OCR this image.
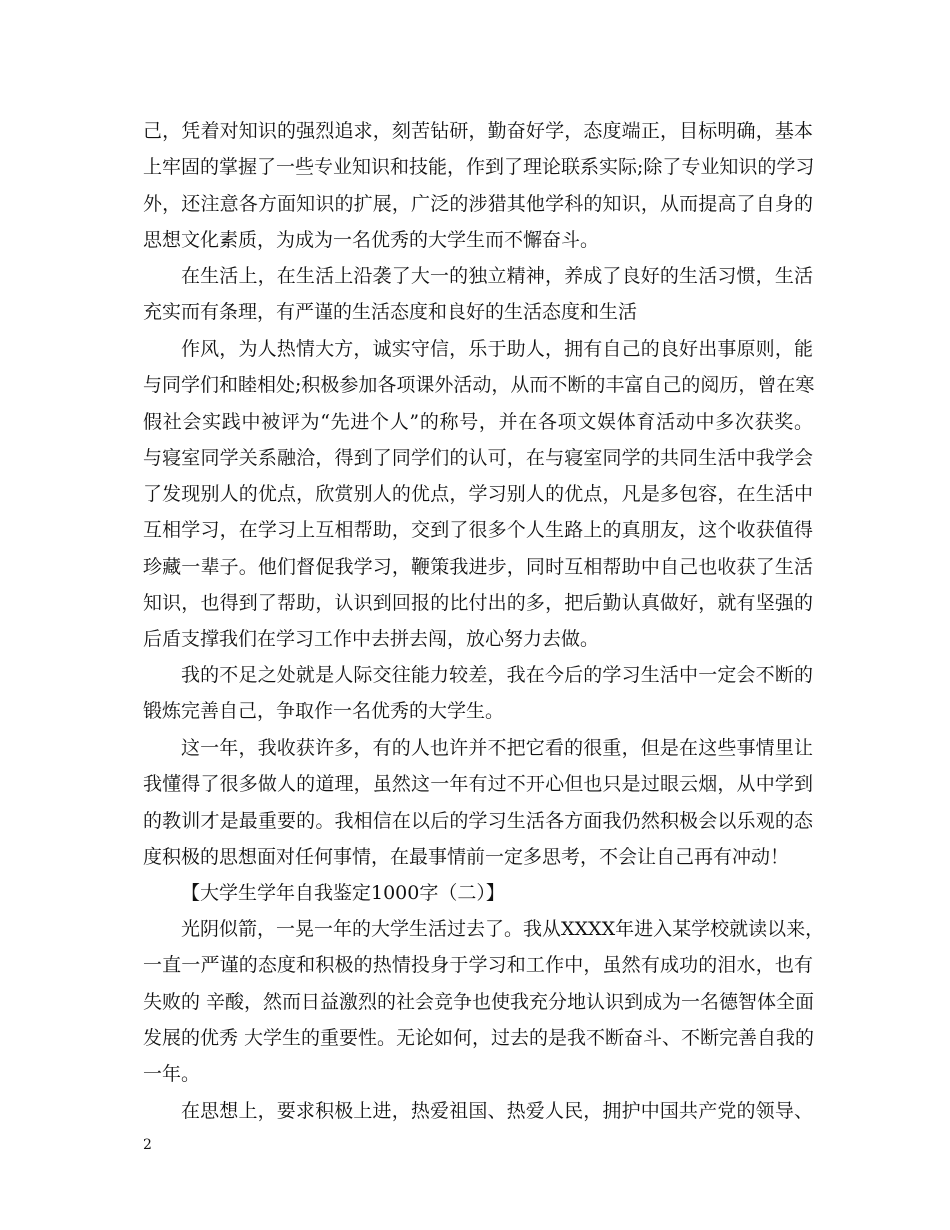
己，凭着对知识的强烈追求，刻苦钻研，勤奋好学，态度端正，目标明确，基本
上牢固的掌握了一些专业知识和技能，作到了理论联系实际;除了专业知识的学习
外，还注意各方面知识的扩展，广泛的涉猎其他学科的知识，从而提高了自身的
思想文化素质，为成为一名优秀的大学生而不懈奋斗。
在生活上，在生活上沿袭了大一的独立精神，养成了良好的生活习惯，生活
充实而有条理，有严谨的生活态度和良好的生活态度和生活
作风，为人热情大方，诚实守信，乐于助人，拥有自己的良好出事原则，能
与同学们和睦相处;积极参加各项课外活动，从而不断的丰富自己的阅历，曾在寒
假社会实践中被评为“先进个人”的称号，并在各项文娱体育活动中多次获奖。
与寝室同学关系融洽，得到了同学们的认可，在与寝室同学的共同生活中我学会
了发现别人的优点，欣赏别人的优点，学习别人的优点，凡是多包容，在生活中
互相学习，在学习上互相帮助，交到了很多个人生路上的真朋友，这个收获值得
珍藏一辈子。他们督促我学习，鞭策我进步，同时互相帮助中自己也收获了生活
知识，也得到了帮助，认识到回报的比付出的多，把后勤认真做好，就有坚强的
后盾支撑我们在学习工作中去拼去闯，放心努力去做。
我的不足之处就是人际交往能力较差，我在今后的学习生活中一定会不断的
锻炼完善自己，争取作一名优秀的大学生。
这一年，我收获许多，有的人也许并不把它看的很重，但是在这些事情里让
我懂得了很多做人的道理，虽然这一年有过不开心但也只是过眼云烟，从中学到
的教训才是最重要的。我相信在以后的学习生活各方面我仍然积极会以乐观的态
度积极的思想面对任何事情，在最事情前一定多思考，不会让自己再有冲动！
【大学生学年自我鉴定1000字（二）】
光阴似箭，一晃一年的大学生活过去了。我从XXXX年进入某学校就读以来，
一直一严谨的态度和积极的热情投身于学习和工作中，虽然有成功的泪水，也有
失败的 辛酸，然而日益激烈的社会竞争也使我充分地认识到成为一名德智体全面
发展的优秀 大学生的重要性。无论如何，过去的是我不断奋斗、不断完善自我的
一年。
在思想上，要求积极上进，热爱祖国、热爱人民，拥护中国共产党的领导、
2
